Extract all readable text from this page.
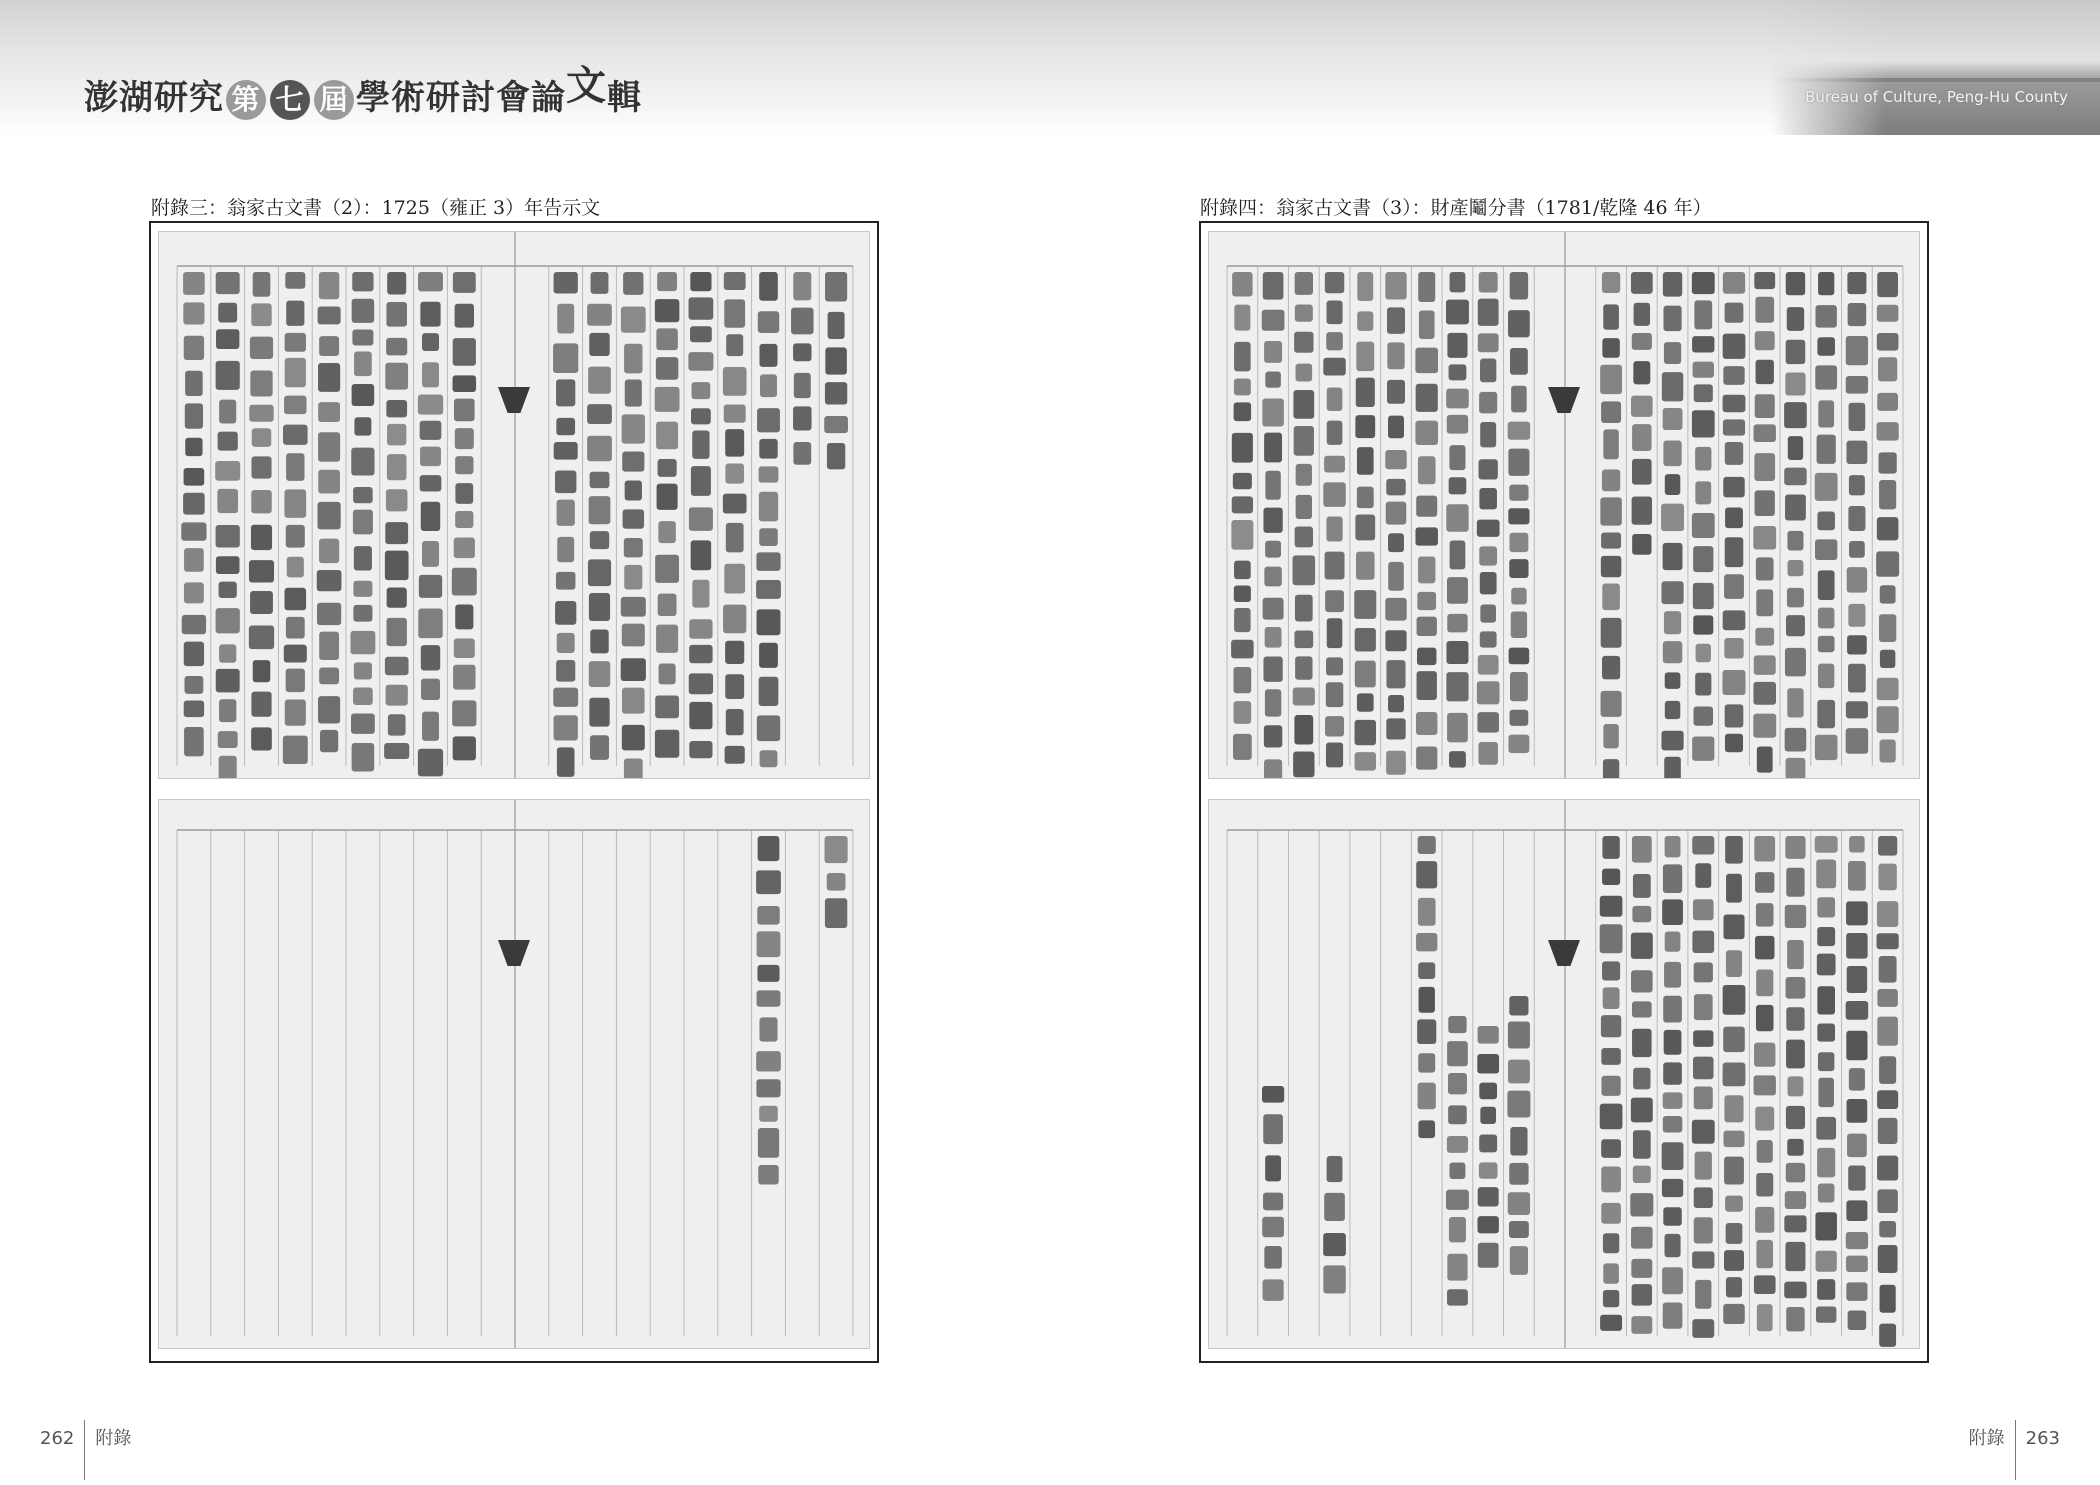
澎湖研究 第 七 屆 學術研討會論文輯	Bureau of Culture, Peng-Hu County
附錄三：翁家古文書（2）：1725（雍正 3）年告示文	附錄四：翁家古文書（3）：財產鬮分書（1781/乾隆 46 年）
262 附錄	附錄 263
